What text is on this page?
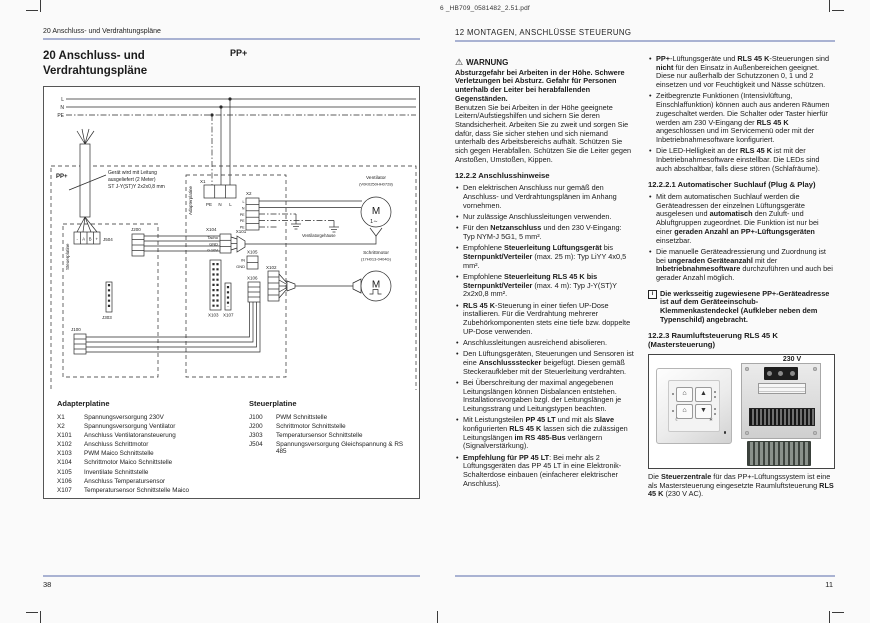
6 _HB709_0581482_2.51.pdf
20 Anschluss- und Verdrahtungspläne
PP+
20 Anschluss- und
Verdrahtungspläne
L
N
PE
PP+
Gerät wird mit Leitung
ausgeliefert (2 Meter)
ST J-Y(ST)Y 2x2x0,8 mm
Steuerplatine
- A B + J504
J303
J200
J100
Adapterplatine
X1
PE N L
X2
L
N
PE
PE
PE
Ventilatorgehäuse
Ventilator
(V0K0250HH0728)
M
1∼
X104
Tacho
GND
0-10V
X101
X105
IN
GND
X103 X107
X106
X102
Schrittmotor
(17H013-0404G)
M
Adapterplatine
X1	Spannungsversorgung 230V
X2	Spannungsversorgung Ventilator
X101	Anschluss Ventilatoransteuerung
X102	Anschluss Schrittmotor
X103	PWM Maico Schnittstelle
X104	Schrittmotor Maico Schnittstelle
X105	Inventilate Schnittstelle
X106	Anschluss Temperatursensor
X107	Temperatursensor Schnittstelle Maico
Steuerplatine
J100	PWM Schnittstelle
J200	Schrittmotor Schnittstelle
J303	Temperatursensor Schnittstelle
J504	Spannungsversorgung Gleichspannung & RS 485
38
12 MONTAGEN, ANSCHLÜSSE STEUERUNG
⚠ WARNUNG
Absturzgefahr bei Arbeiten in der Höhe. Schwere Verletzungen bei Absturz. Gefahr für Personen unterhalb der Leiter bei herabfallenden Gegenständen.
Benutzen Sie bei Arbeiten in der Höhe geeignete Leitern/Aufstiegshilfen und sichern Sie deren Standsicherheit. Arbeiten Sie zu zweit und sorgen Sie dafür, dass Sie sicher stehen und sich niemand unterhalb des Arbeitsbereichs aufhält. Schützen Sie sich gegen Herabfallen. Schützen Sie die Leiter gegen Anstoßen, Umstoßen, Kippen.
12.2.2 Anschlusshinweise
• Den elektrischen Anschluss nur gemäß den Anschluss- und Verdrahtungsplänen im Anhang vornehmen.
• Nur zulässige Anschlussleitungen verwenden.
• Für den Netzanschluss und den 230 V-Eingang: Typ NYM-J 5G1, 5 mm².
• Empfohlene Steuerleitung Lüftungsgerät bis Sternpunkt/Verteiler (max. 25 m): Typ LiYY 4x0,5 mm².
• Empfohlene Steuerleitung RLS 45 K bis Sternpunkt/Verteiler (max. 4 m): Typ J-Y(ST)Y 2x2x0,8 mm².
• RLS 45 K-Steuerung in einer tiefen UP-Dose installieren. Für die Verdrahtung mehrerer Zubehörkomponenten stets eine tiefe bzw. doppelte UP-Dose verwenden.
• Anschlussleitungen ausreichend abisolieren.
• Den Lüftungsgeräten, Steuerungen und Sensoren ist eine Anschlussstecker beigefügt. Diesen gemäß Steckeraufkleber mit der Steuerleitung verdrahten.
• Bei Überschreitung der maximal angegebenen Leitungslängen können Disbalancen entstehen. Installationsvorgaben bzgl. der Leitungslängen je Leitungsstrang und Leitungstypen beachten.
• Mit Leistungsteilen PP 45 LT und mit als Slave konfigurierten RLS 45 K lassen sich die zulässigen Leitungslängen im RS 485-Bus verlängern (Signalverstärkung).
• Empfehlung für PP 45 LT: Bei mehr als 2 Lüftungsgeräten das PP 45 LT in eine Elektronik-Schalterdose einbauen (einfacherer elektrischer Anschluss).
• PP+-Lüftungsgeräte und RLS 45 K-Steuerungen sind nicht für den Einsatz in Außenbereichen geeignet. Diese nur außerhalb der Schutzzonen 0, 1 und 2 einsetzen und vor Feuchtigkeit und Nässe schützen.
• Zeitbegrenzte Funktionen (Intensivlüftung, Einschlaffunktion) können auch aus anderen Räumen zugeschaltet werden. Die Schalter oder Taster hierfür werden am 230 V-Eingang der RLS 45 K angeschlossen und im Servicemenü oder mit der Inbetriebnahmesoftware konfiguriert.
• Die LED-Helligkeit an der RLS 45 K ist mit der Inbetriebnahmesoftware einstellbar. Die LEDs sind auch abschaltbar, falls diese stören (Schlafräume).
12.2.2.1 Automatischer Suchlauf (Plug & Play)
• Mit dem automatischen Suchlauf werden die Geräteadressen der einzelnen Lüftungsgeräte ausgelesen und automatisch den Zuluft- und Abluftgruppen zugeordnet. Die Funktion ist nur bei einer geraden Anzahl an PP+-Lüftungsgeräten einsetzbar.
• Die manuelle Geräteadressierung und Zuordnung ist bei ungeraden Geräteanzahl mit der Inbetriebnahmesoftware durchzuführen und auch bei gerader Anzahl möglich.
i Die werksseitig zugewiesene PP+-Geräteadresse ist auf dem Geräteeinschub-Klemmenkastendeckel (Aufkleber neben dem Typenschild) angebracht.
12.2.3 Raumluftsteuerung RLS 45 K (Mastersteuerung)
230 V
⌂	▲
⌂	▼
☾	∗
Die Steuerzentrale für das PP+-Lüftungssystem ist eine als Mastersteuerung eingesetzte Raumluftsteuerung RLS 45 K (230 V AC).
11
